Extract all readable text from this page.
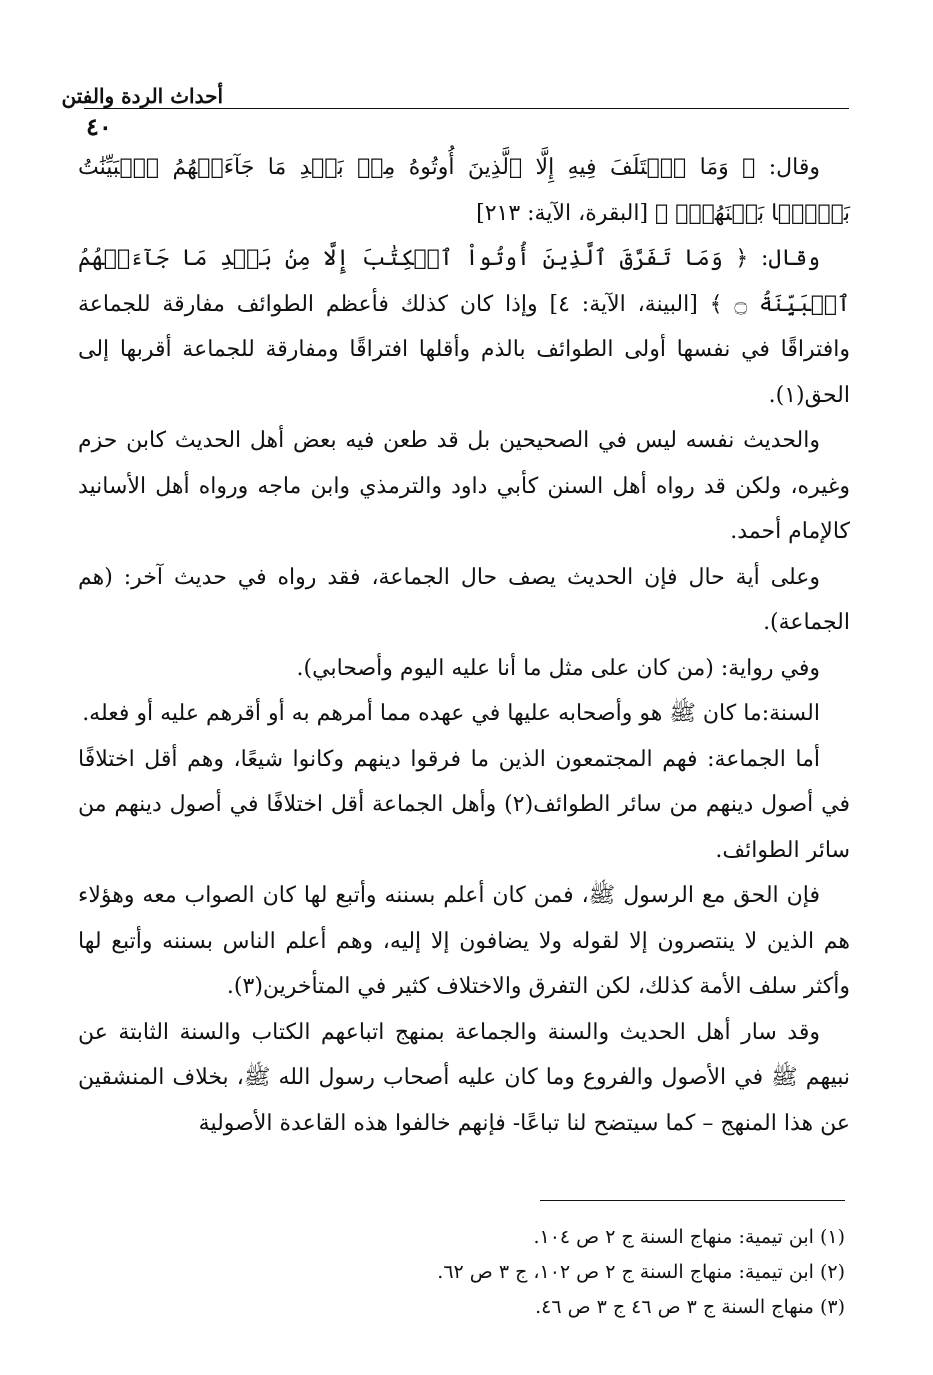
أحداث الردة والفتن
٤٠

وقال: ﴿ وَمَا ٱخۡتَلَفَ فِيهِ إِلَّا ٱلَّذِينَ أُوتُوهُ مِنۢ بَعۡدِ مَا جَآءَتۡهُمُ ٱلۡبَيِّنَٰتُ بَغۡيَۢا بَيۡنَهُمۡۖ ﴾ [البقرة، الآية: ٢١٣]

وقال: ﴿ وَمَا تَفَرَّقَ ٱلَّذِينَ أُوتُواْ ٱلۡكِتَٰبَ إِلَّا مِنۢ بَعۡدِ مَا جَآءَتۡهُمُ ٱلۡبَيِّنَةُ ۝ ﴾ [البينة، الآية: ٤] وإذا كان كذلك فأعظم الطوائف مفارقة للجماعة وافتراقًا في نفسها أولى الطوائف بالذم وأقلها افتراقًا ومفارقة للجماعة أقربها إلى الحق(١).

والحديث نفسه ليس في الصحيحين بل قد طعن فيه بعض أهل الحديث كابن حزم وغيره، ولكن قد رواه أهل السنن كأبي داود والترمذي وابن ماجه ورواه أهل الأسانيد كالإمام أحمد.

وعلى أية حال فإن الحديث يصف حال الجماعة، فقد رواه في حديث آخر: (هم الجماعة).

وفي رواية: (من كان على مثل ما أنا عليه اليوم وأصحابي).

السنة:ما كان ﷺ هو وأصحابه عليها في عهده مما أمرهم به أو أقرهم عليه أو فعله.

أما الجماعة: فهم المجتمعون الذين ما فرقوا دينهم وكانوا شيعًا، وهم أقل اختلافًا في أصول دينهم من سائر الطوائف(٢) وأهل الجماعة أقل اختلافًا في أصول دينهم من سائر الطوائف.

فإن الحق مع الرسول ﷺ، فمن كان أعلم بسننه وأتبع لها كان الصواب معه وهؤلاء هم الذين لا ينتصرون إلا لقوله ولا يضافون إلا إليه، وهم أعلم الناس بسننه وأتبع لها وأكثر سلف الأمة كذلك، لكن التفرق والاختلاف كثير في المتأخرين(٣).

وقد سار أهل الحديث والسنة والجماعة بمنهج اتباعهم الكتاب والسنة الثابتة عن نبيهم ﷺ في الأصول والفروع وما كان عليه أصحاب رسول الله ﷺ، بخلاف المنشقين عن هذا المنهج – كما سيتضح لنا تباعًا- فإنهم خالفوا هذه القاعدة الأصولية

(١) ابن تيمية: منهاج السنة ج ٢ ص ١٠٤.
(٢) ابن تيمية: منهاج السنة ج ٢ ص ١٠٢، ج ٣ ص ٦٢.
(٣) منهاج السنة ج ٣ ص ٤٦ ج ٣ ص ٤٦.
